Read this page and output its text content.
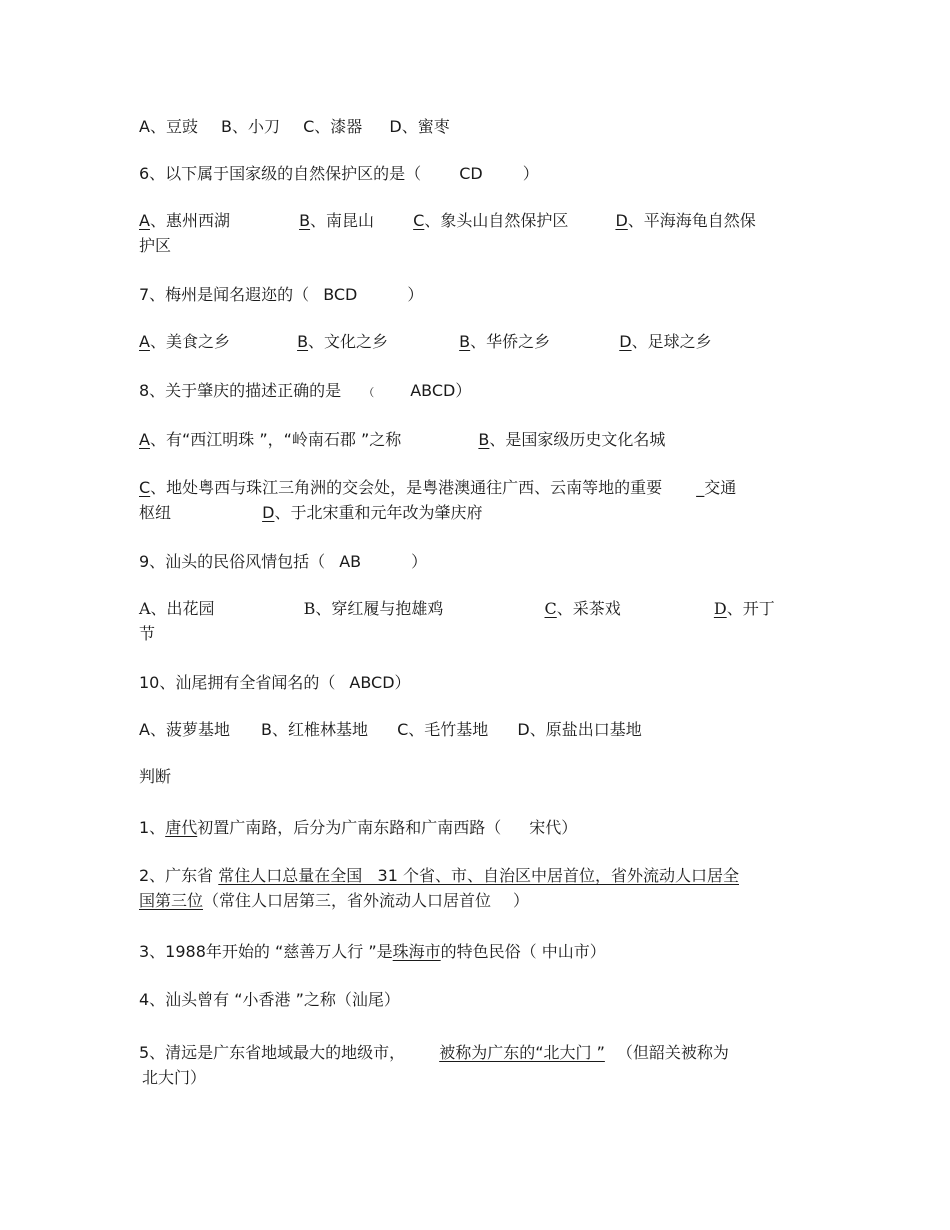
A、豆豉 B、小刀 C、漆器 D、蜜枣
6、以下属于国家级的自然保护区的是（ CD	）
A、惠州西湖	B、南昆山 C、象头山自然保护区	D、平海海龟自然保
护区
7、梅州是闻名遐迩的（ BCD	）
A、美食之乡	B、文化之乡	B、华侨之乡	D、足球之乡
8、关于肇庆的描述正确的是 （ ABCD）
A、有“西江明珠 ”，“岭南石郡 ”之称	B、是国家级历史文化名城
C、地处粤西与珠江三角洲的交会处，是粤港澳通往广西、云南等地的重要 _交通
枢纽	D、于北宋重和元年改为肇庆府
9、汕头的民俗风情包括（ AB	）
A、出花园	B、穿红履与抱雄鸡	C、采茶戏	D、开丁
节
10、汕尾拥有全省闻名的（ ABCD）
A、菠萝基地 B、红椎林基地 C、毛竹基地 D、原盐出口基地
判断
1、唐代初置广南路，后分为广南东路和广南西路（ 宋代）
2、广东省 常住人口总量在全国   31 个省、市、自治区中居首位，省外流动人口居全
国第三位（常住人口居第三，省外流动人口居首位 ）
3、1988年开始的 “慈善万人行 ”是珠海市的特色民俗（ 中山市）
4、汕头曾有 “小香港 ”之称（汕尾）
5、清远是广东省地域最大的地级市， 被称为广东的“北大门 ” （但韶关被称为
北大门）
